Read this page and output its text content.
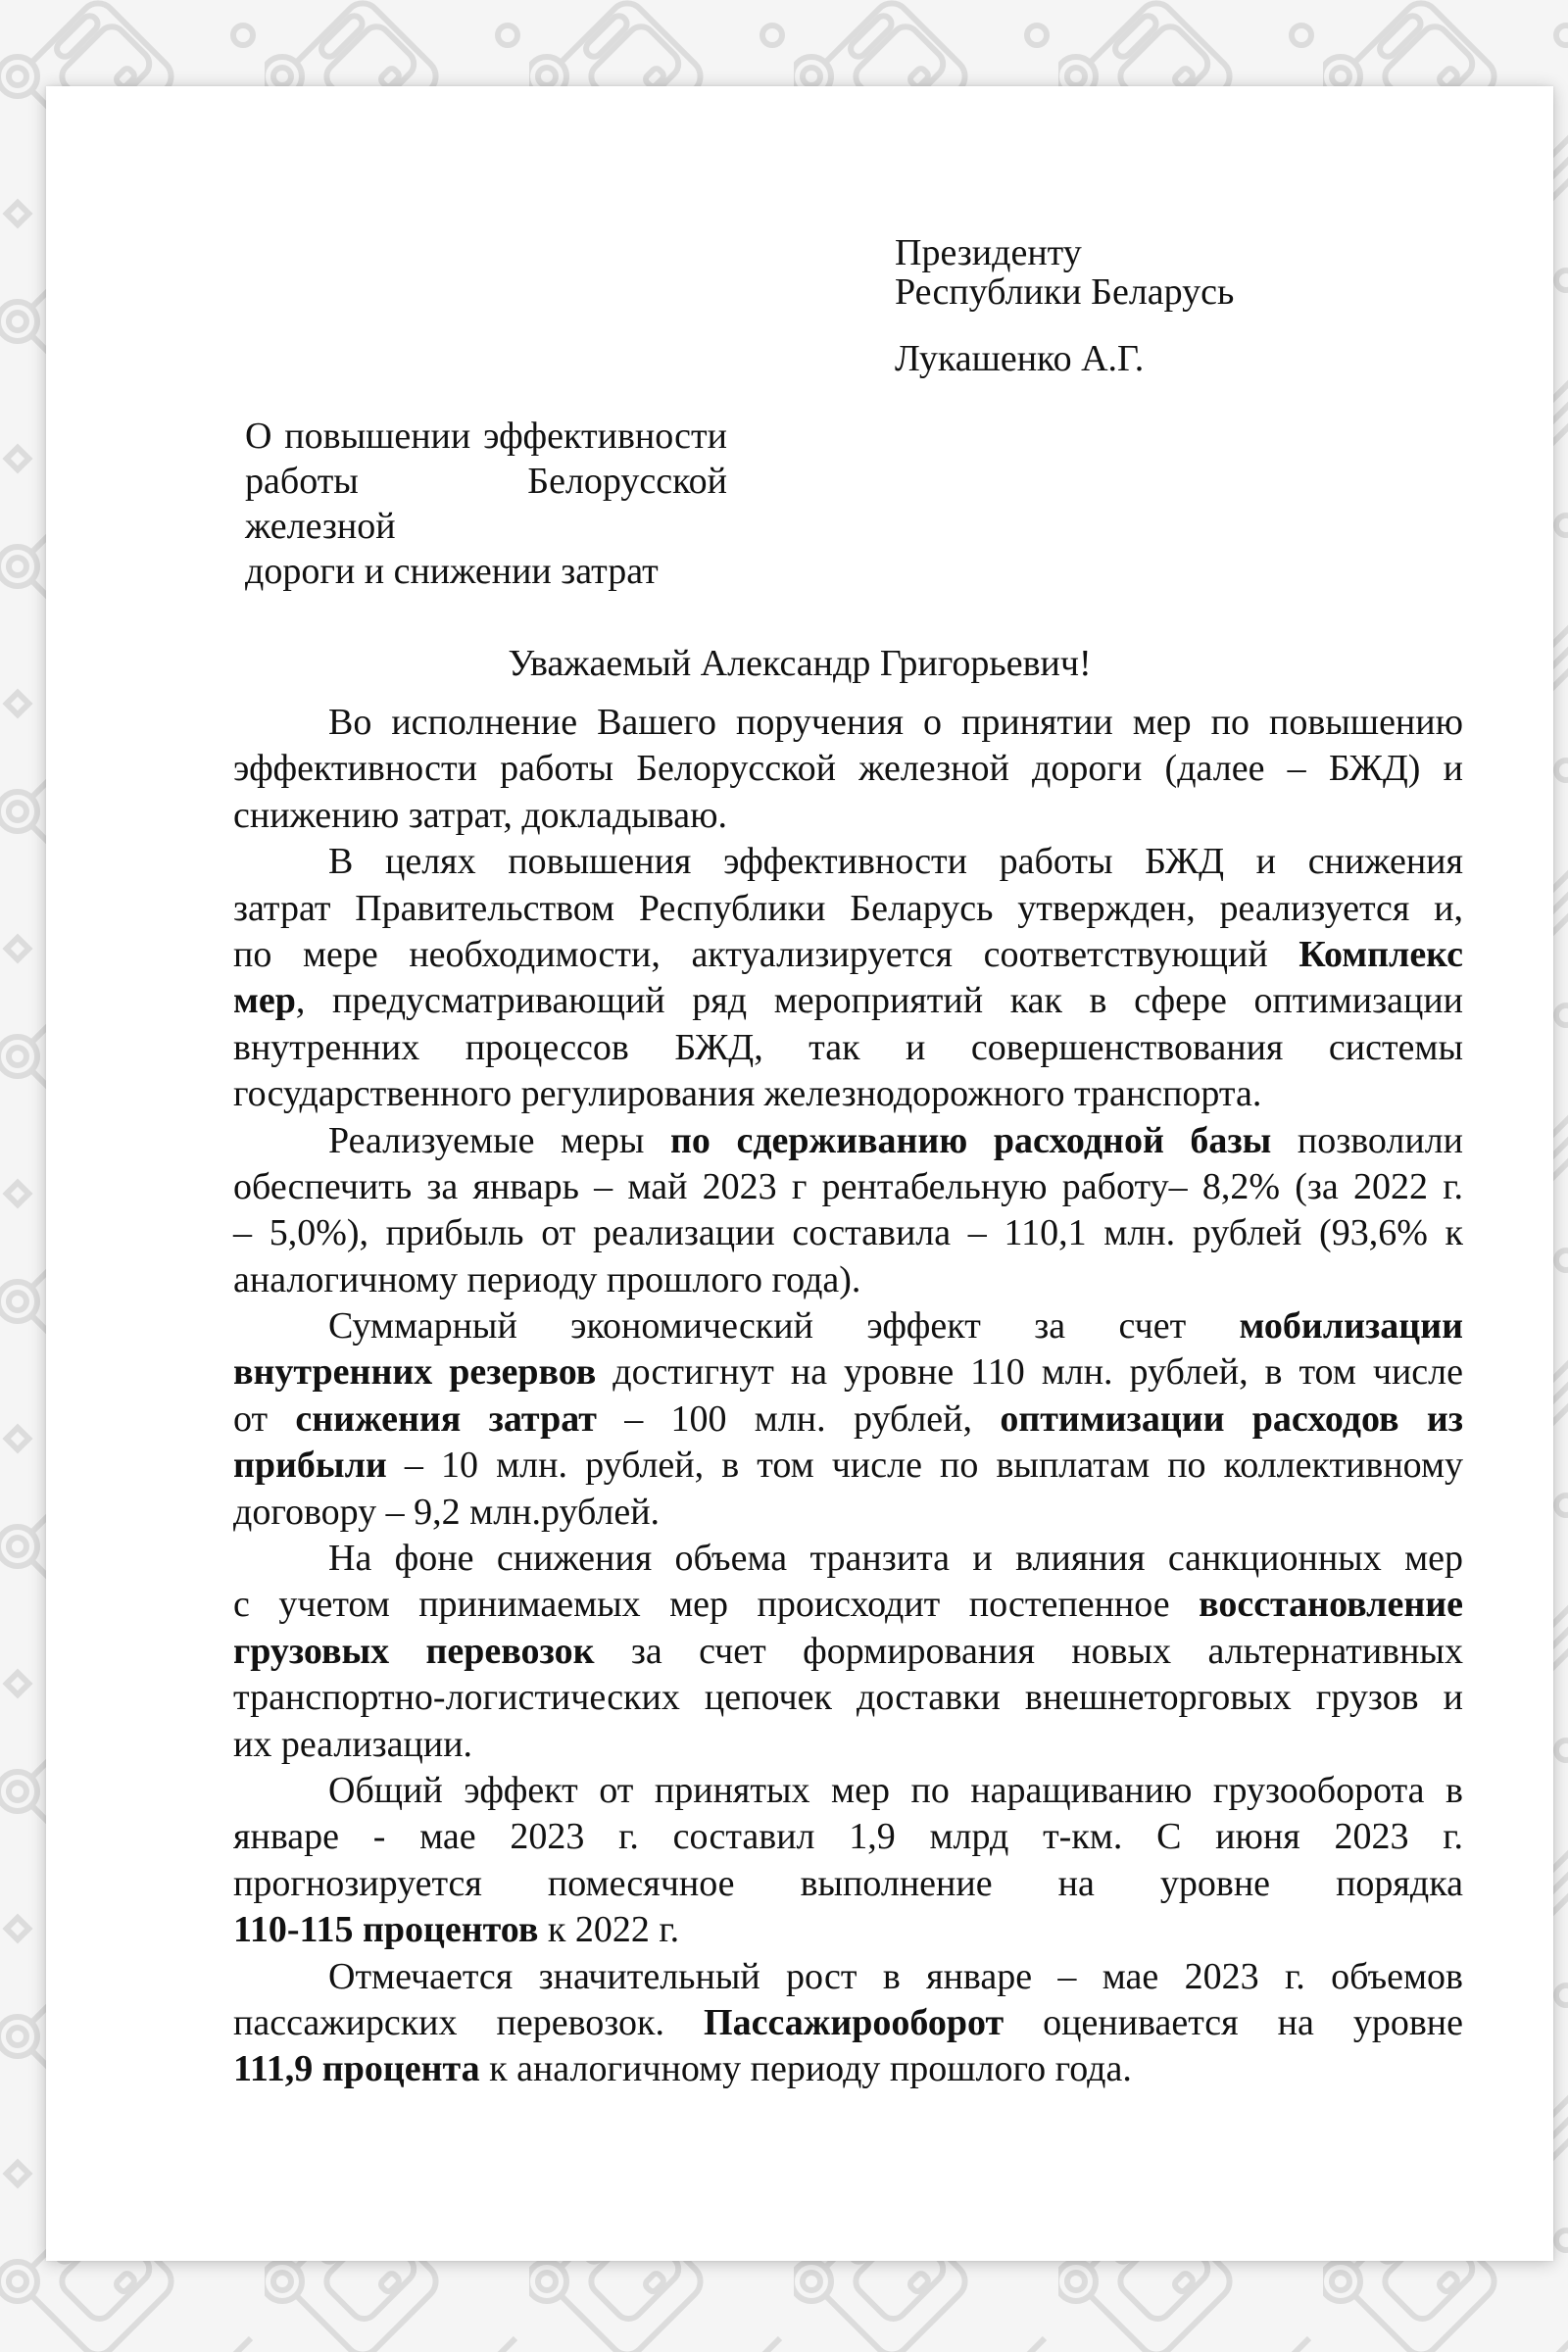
Президенту
Республики Беларусь
Лукашенко А.Г.
О повышении эффективности
работы Белорусской железной
дороги и снижении затрат
Уважаемый Александр Григорьевич!
Во исполнение Вашего поручения о принятии мер по повышению
эффективности работы Белорусской железной дороги (далее – БЖД) и
снижению затрат, докладываю.
В целях повышения эффективности работы БЖД и снижения
затрат Правительством Республики Беларусь утвержден, реализуется и,
по мере необходимости, актуализируется соответствующий Комплекс
мер, предусматривающий ряд мероприятий как в сфере оптимизации
внутренних процессов БЖД, так и совершенствования системы
государственного регулирования железнодорожного транспорта.
Реализуемые меры по сдерживанию расходной базы позволили
обеспечить за январь – май 2023 г рентабельную работу– 8,2% (за 2022 г.
– 5,0%), прибыль от реализации составила – 110,1 млн. рублей (93,6% к
аналогичному периоду прошлого года).
Суммарный экономический эффект за счет мобилизации
внутренних резервов достигнут на уровне 110 млн. рублей, в том числе
от снижения затрат – 100 млн. рублей, оптимизации расходов из
прибыли – 10 млн. рублей, в том числе по выплатам по коллективному
договору – 9,2 млн.рублей.
На фоне снижения объема транзита и влияния санкционных мер
с учетом принимаемых мер происходит постепенное восстановление
грузовых перевозок за счет формирования новых альтернативных
транспортно-логистических цепочек доставки внешнеторговых грузов и
их реализации.
Общий эффект от принятых мер по наращиванию грузооборота в
январе - мае 2023 г. составил 1,9 млрд т-км. С июня 2023 г.
прогнозируется помесячное выполнение на уровне порядка
110-115 процентов к 2022 г.
Отмечается значительный рост в январе – мае 2023 г. объемов
пассажирских перевозок. Пассажирооборот оценивается на уровне
111,9 процента к аналогичному периоду прошлого года.
